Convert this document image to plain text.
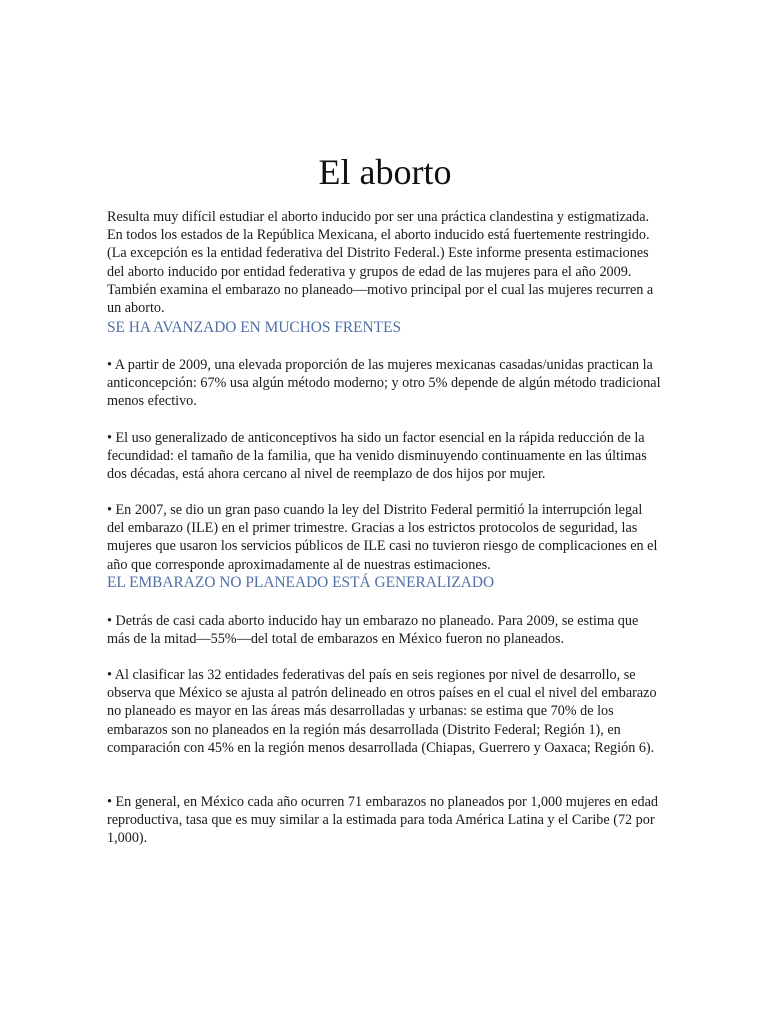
El aborto

Resulta muy difícil estudiar el aborto inducido por ser una práctica clandestina y estigmatizada. En todos los estados de la República Mexicana, el aborto inducido está fuertemente restringido. (La excepción es la entidad federativa del Distrito Federal.) Este informe presenta estimaciones del aborto inducido por entidad federativa y grupos de edad de las mujeres para el año 2009. También examina el embarazo no planeado—motivo principal por el cual las mujeres recurren a un aborto.

SE HA AVANZADO EN MUCHOS FRENTES

• A partir de 2009, una elevada proporción de las mujeres mexicanas casadas/unidas practican la anticoncepción: 67% usa algún método moderno; y otro 5% depende de algún método tradicional menos efectivo.

• El uso generalizado de anticonceptivos ha sido un factor esencial en la rápida reducción de la fecundidad: el tamaño de la familia, que ha venido disminuyendo continuamente en las últimas dos décadas, está ahora cercano al nivel de reemplazo de dos hijos por mujer.

• En 2007, se dio un gran paso cuando la ley del Distrito Federal permitió la interrupción legal del embarazo (ILE) en el primer trimestre. Gracias a los estrictos protocolos de seguridad, las mujeres que usaron los servicios públicos de ILE casi no tuvieron riesgo de complicaciones en el año que corresponde aproximadamente al de nuestras estimaciones.

EL EMBARAZO NO PLANEADO ESTÁ GENERALIZADO

• Detrás de casi cada aborto inducido hay un embarazo no planeado. Para 2009, se estima que más de la mitad—55%—del total de embarazos en México fueron no planeados.

• Al clasificar las 32 entidades federativas del país en seis regiones por nivel de desarrollo, se observa que México se ajusta al patrón delineado en otros países en el cual el nivel del embarazo no planeado es mayor en las áreas más desarrolladas y urbanas: se estima que 70% de los embarazos son no planeados en la región más desarrollada (Distrito Federal; Región 1), en comparación con 45% en la región menos desarrollada (Chiapas, Guerrero y Oaxaca; Región 6).

• En general, en México cada año ocurren 71 embarazos no planeados por 1,000 mujeres en edad reproductiva, tasa que es muy similar a la estimada para toda América Latina y el Caribe (72 por 1,000).
